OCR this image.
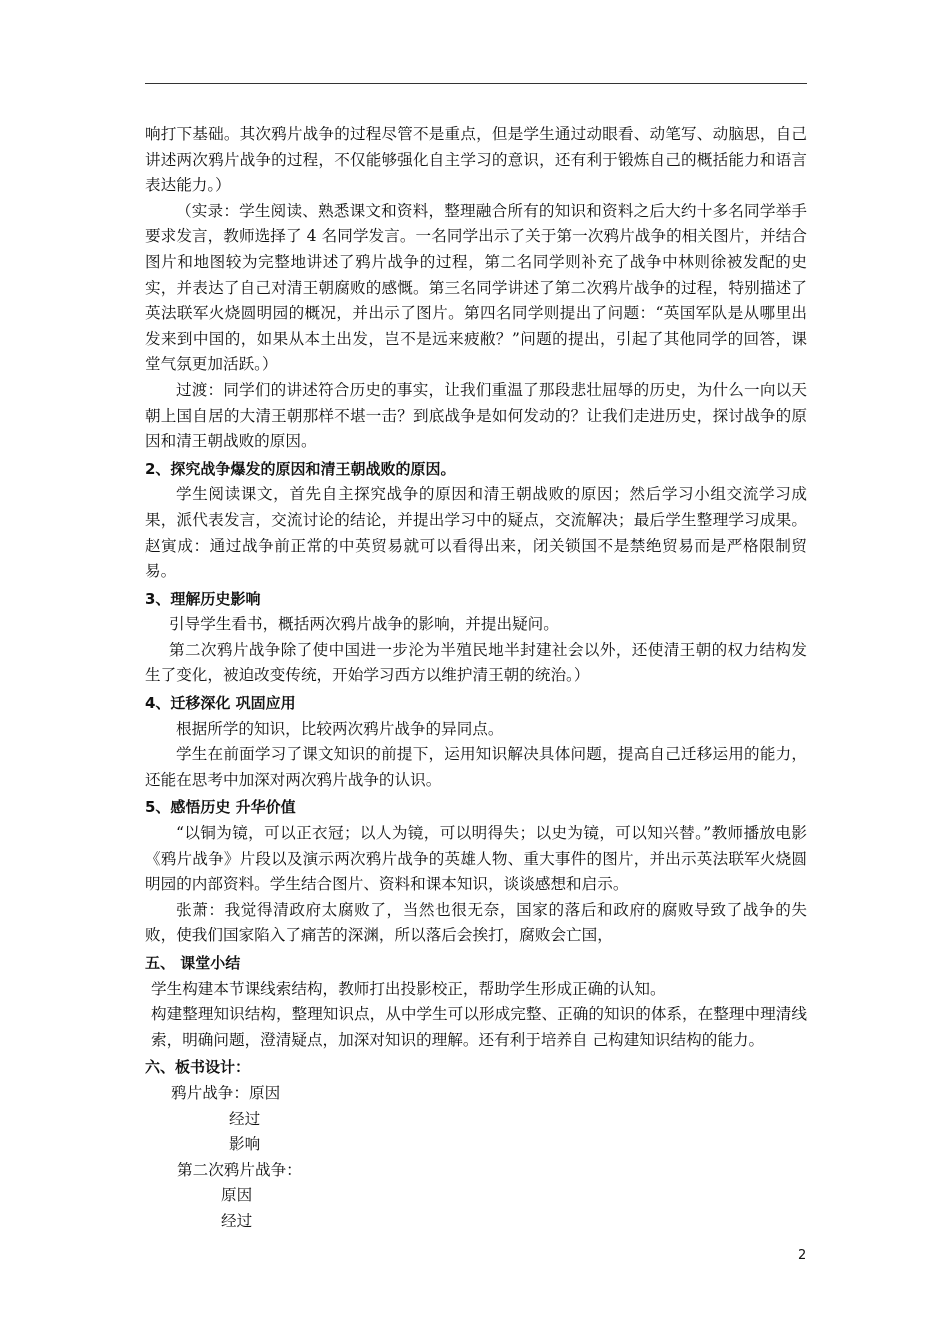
响打下基础。其次鸦片战争的过程尽管不是重点，但是学生通过动眼看、动笔写、动脑思，自己讲述两次鸦片战争的过程，不仅能够强化自主学习的意识，还有利于锻炼自己的概括能力和语言表达能力。）

（实录：学生阅读、熟悉课文和资料，整理融合所有的知识和资料之后大约十多名同学举手要求发言，教师选择了 4 名同学发言。一名同学出示了关于第一次鸦片战争的相关图片，并结合图片和地图较为完整地讲述了鸦片战争的过程，第二名同学则补充了战争中林则徐被发配的史实，并表达了自己对清王朝腐败的感慨。第三名同学讲述了第二次鸦片战争的过程，特别描述了英法联军火烧圆明园的概况，并出示了图片。第四名同学则提出了问题：“英国军队是从哪里出发来到中国的，如果从本土出发，岂不是远来疲敝？”问题的提出，引起了其他同学的回答，课堂气氛更加活跃。）

过渡：同学们的讲述符合历史的事实，让我们重温了那段悲壮屈辱的历史，为什么一向以天朝上国自居的大清王朝那样不堪一击？到底战争是如何发动的？让我们走进历史，探讨战争的原因和清王朝战败的原因。

2、探究战争爆发的原因和清王朝战败的原因。

学生阅读课文，首先自主探究战争的原因和清王朝战败的原因；然后学习小组交流学习成果，派代表发言，交流讨论的结论，并提出学习中的疑点，交流解决；最后学生整理学习成果。赵寅成：通过战争前正常的中英贸易就可以看得出来，闭关锁国不是禁绝贸易而是严格限制贸易。

3、理解历史影响

引导学生看书，概括两次鸦片战争的影响，并提出疑问。

第二次鸦片战争除了使中国进一步沦为半殖民地半封建社会以外，还使清王朝的权力结构发生了变化，被迫改变传统，开始学习西方以维护清王朝的统治。）

4、迁移深化 巩固应用

根据所学的知识，比较两次鸦片战争的异同点。

学生在前面学习了课文知识的前提下，运用知识解决具体问题，提高自己迁移运用的能力，还能在思考中加深对两次鸦片战争的认识。

5、感悟历史 升华价值

“以铜为镜，可以正衣冠；以人为镜，可以明得失；以史为镜，可以知兴替。”教师播放电影《鸦片战争》片段以及演示两次鸦片战争的英雄人物、重大事件的图片，并出示英法联军火烧圆明园的内部资料。学生结合图片、资料和课本知识，谈谈感想和启示。

张萧：我觉得清政府太腐败了，当然也很无奈，国家的落后和政府的腐败导致了战争的失败，使我们国家陷入了痛苦的深渊，所以落后会挨打，腐败会亡国，

五、 课堂小结

学生构建本节课线索结构，教师打出投影校正，帮助学生形成正确的认知。

构建整理知识结构，整理知识点，从中学生可以形成完整、正确的知识的体系，在整理中理清线索，明确问题，澄清疑点，加深对知识的理解。还有利于培养自 己构建知识结构的能力。

六、板书设计：

鸦片战争：原因

经过

影响

第二次鸦片战争：

原因

经过

2
